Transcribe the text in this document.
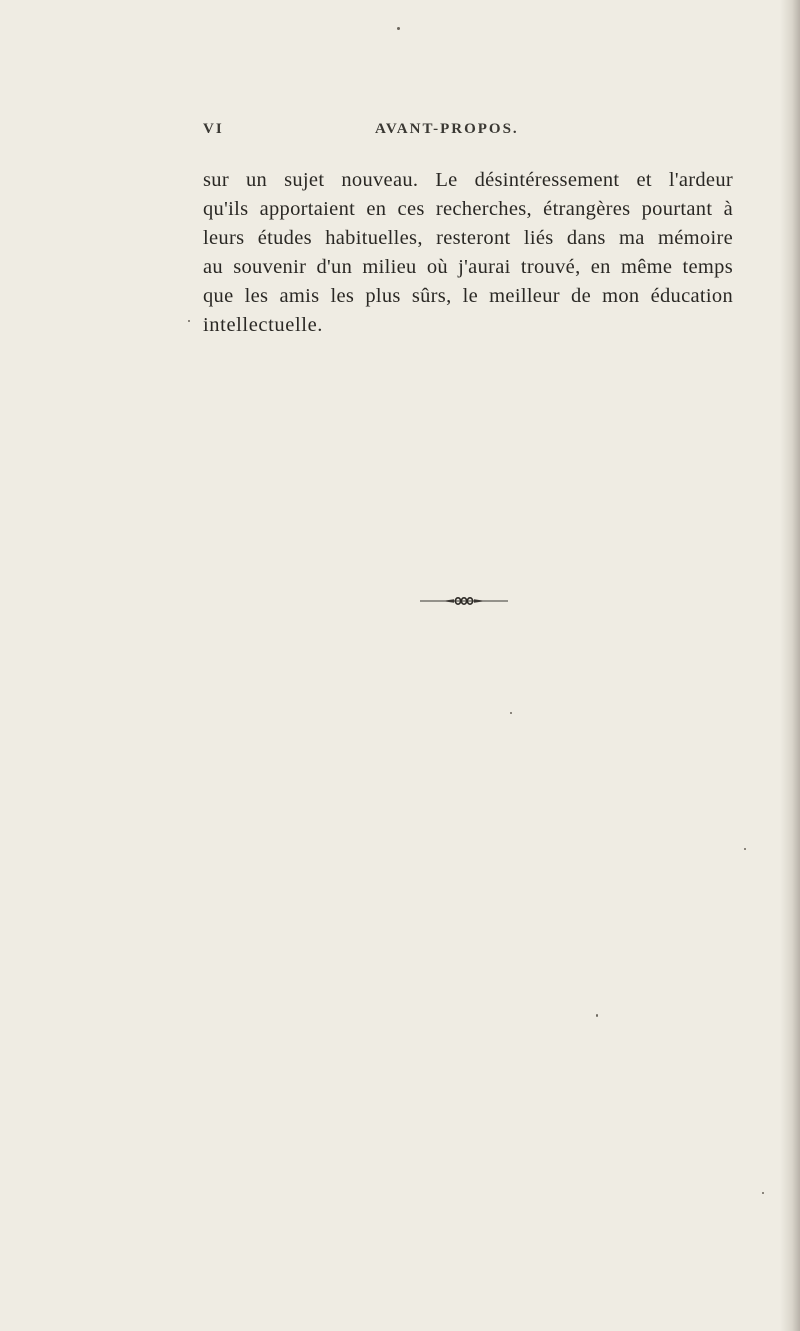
VI	AVANT-PROPOS.
sur un sujet nouveau. Le désintéressement et l'ardeur
qu'ils apportaient en ces recherches, étrangères pourtant à
leurs études habituelles, resteront liés dans ma mémoire
au souvenir d'un milieu où j'aurai trouvé, en même temps
que les amis les plus sûrs, le meilleur de mon éducation
intellectuelle.
